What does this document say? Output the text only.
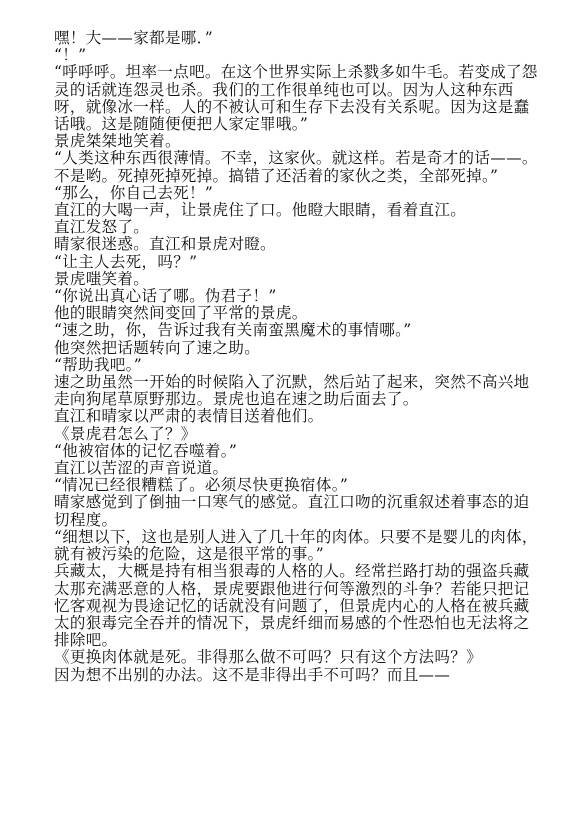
嘿！大——家都是哪．”

“！”

“呼呼呼。坦率一点吧。在这个世界实际上杀戮多如牛毛。若变成了怨灵的话就连怨灵也杀。我们的工作很单纯也可以。因为人这种东西呀，就像冰一样。人的不被认可和生存下去没有关系呢。因为这是蠢话哦。这是随随便便把人家定罪哦。”

景虎桀桀地笑着。

“人类这种东西很薄情。不幸，这家伙。就这样。若是奇才的话——。不是哟。死掉死掉死掉。搞错了还活着的家伙之类，全部死掉。”

“那么，你自己去死！”

直江的大喝一声，让景虎住了口。他瞪大眼睛，看着直江。

直江发怒了。

晴家很迷惑。直江和景虎对瞪。

“让主人去死，吗？”

景虎嗤笑着。

“你说出真心话了哪。伪君子！”

他的眼睛突然间变回了平常的景虎。

“速之助，你，告诉过我有关南蛮黑魔术的事情哪。”

他突然把话题转向了速之助。

“帮助我吧。”

速之助虽然一开始的时候陷入了沉默，然后站了起来，突然不高兴地走向狗尾草原野那边。景虎也追在速之助后面去了。

直江和晴家以严肃的表情目送着他们。

《景虎君怎么了？》

“他被宿体的记忆吞噬着。”

直江以苦涩的声音说道。

“情况已经很糟糕了。必须尽快更换宿体。”

晴家感觉到了倒抽一口寒气的感觉。直江口吻的沉重叙述着事态的迫切程度。

“细想以下，这也是别人进入了几十年的肉体。只要不是婴儿的肉体，就有被污染的危险，这是很平常的事。”

兵藏太，大概是持有相当狠毒的人格的人。经常拦路打劫的强盗兵藏太那充满恶意的人格，景虎要跟他进行何等激烈的斗争？若能只把记忆客观视为畏途记忆的话就没有问题了，但景虎内心的人格在被兵藏太的狠毒完全吞并的情况下，景虎纤细而易感的个性恐怕也无法将之排除吧。

《更换肉体就是死。非得那么做不可吗？只有这个方法吗？》

因为想不出别的办法。这不是非得出手不可吗？而且——
